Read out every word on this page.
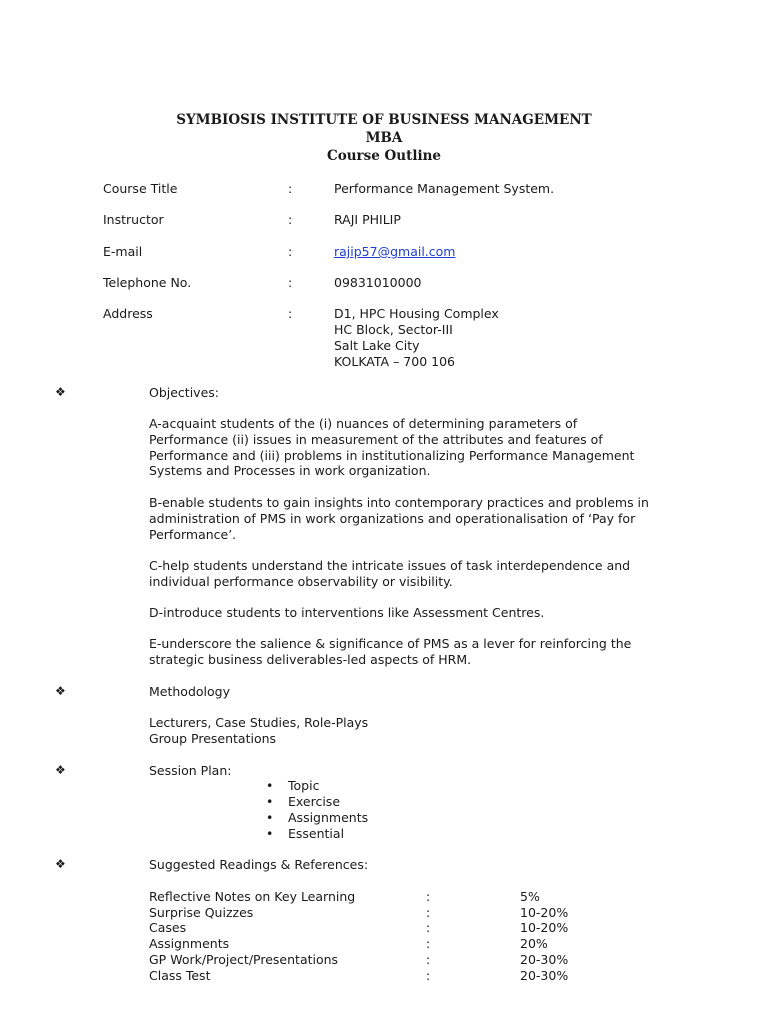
SYMBIOSIS INSTITUTE OF BUSINESS MANAGEMENT
MBA
Course Outline
Course Title	:	Performance Management System.
Instructor	:	RAJI PHILIP
E-mail	:	rajip57@gmail.com
Telephone No.	:	09831010000
Address	:	D1, HPC Housing Complex
HC Block, Sector-III
Salt Lake City
KOLKATA – 700 106
❖	Objectives:
A-acquaint students of the (i) nuances of determining parameters of
Performance (ii) issues in measurement of the attributes and features of
Performance and (iii) problems in institutionalizing Performance Management
Systems and Processes in work organization.
B-enable students to gain insights into contemporary practices and problems in
administration of PMS in work organizations and operationalisation of ‘Pay for
Performance’.
C-help students understand the intricate issues of task interdependence and
individual performance observability or visibility.
D-introduce students to interventions like Assessment Centres.
E-underscore the salience & significance of PMS as a lever for reinforcing the
strategic business deliverables-led aspects of HRM.
❖	Methodology
Lecturers, Case Studies, Role-Plays
Group Presentations
❖	Session Plan:
• Topic
• Exercise
• Assignments
• Essential
❖	Suggested Readings & References:
Reflective Notes on Key Learning	:	5%
Surprise Quizzes	:	10-20%
Cases	:	10-20%
Assignments	:	20%
GP Work/Project/Presentations	:	20-30%
Class Test	:	20-30%
